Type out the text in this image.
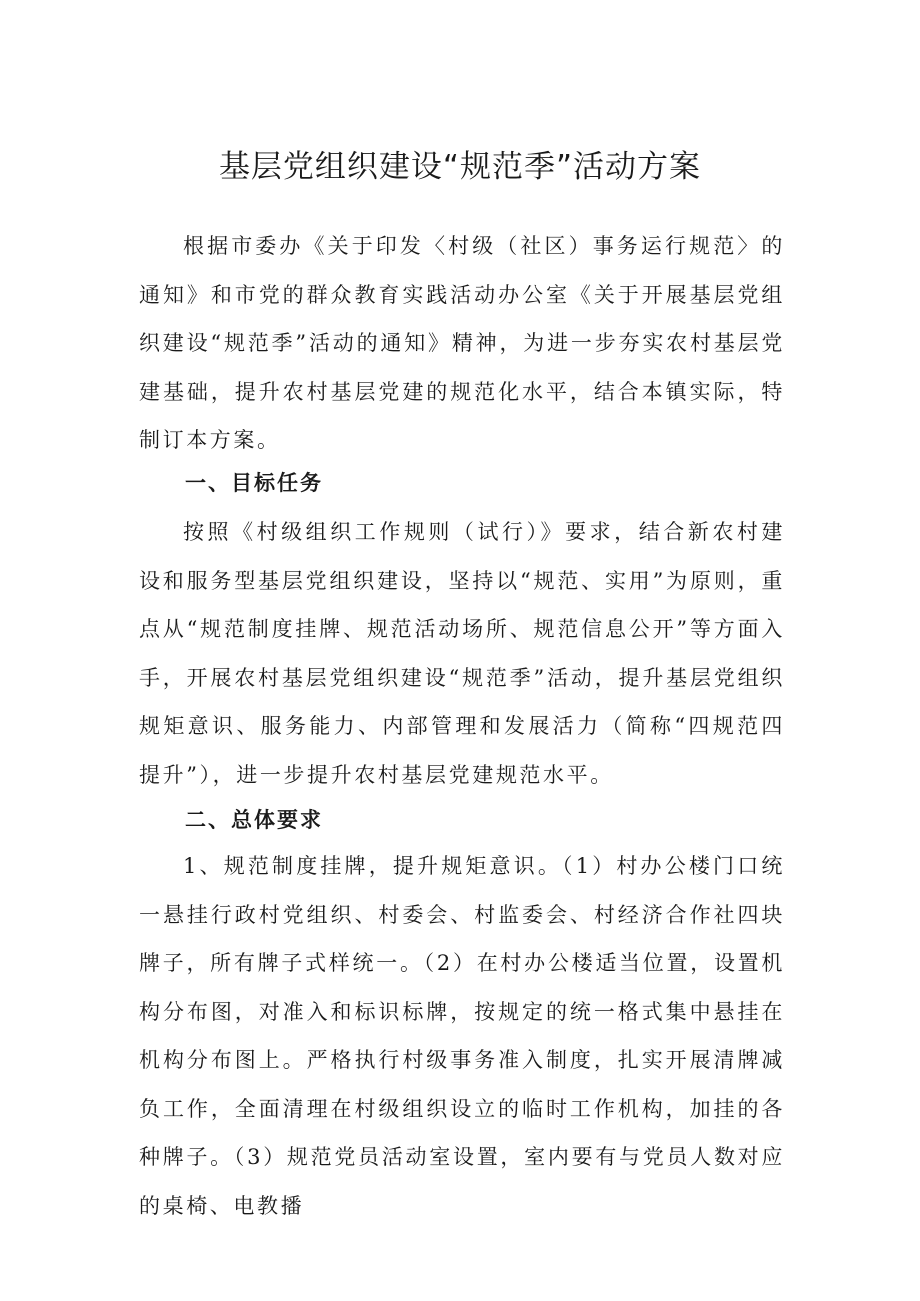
基层党组织建设“规范季”活动方案

根据市委办《关于印发〈村级（社区）事务运行规范〉的通知》和市党的群众教育实践活动办公室《关于开展基层党组织建设“规范季”活动的通知》精神，为进一步夯实农村基层党建基础，提升农村基层党建的规范化水平，结合本镇实际，特制订本方案。

一、目标任务

按照《村级组织工作规则（试行）》要求，结合新农村建设和服务型基层党组织建设，坚持以“规范、实用”为原则，重点从“规范制度挂牌、规范活动场所、规范信息公开”等方面入手，开展农村基层党组织建设“规范季”活动，提升基层党组织规矩意识、服务能力、内部管理和发展活力（简称“四规范四提升”），进一步提升农村基层党建规范水平。

二、总体要求

1、规范制度挂牌，提升规矩意识。（1）村办公楼门口统一悬挂行政村党组织、村委会、村监委会、村经济合作社四块牌子，所有牌子式样统一。（2）在村办公楼适当位置，设置机构分布图，对准入和标识标牌，按规定的统一格式集中悬挂在机构分布图上。严格执行村级事务准入制度，扎实开展清牌减负工作，全面清理在村级组织设立的临时工作机构，加挂的各种牌子。（3）规范党员活动室设置，室内要有与党员人数对应的桌椅、电教播
